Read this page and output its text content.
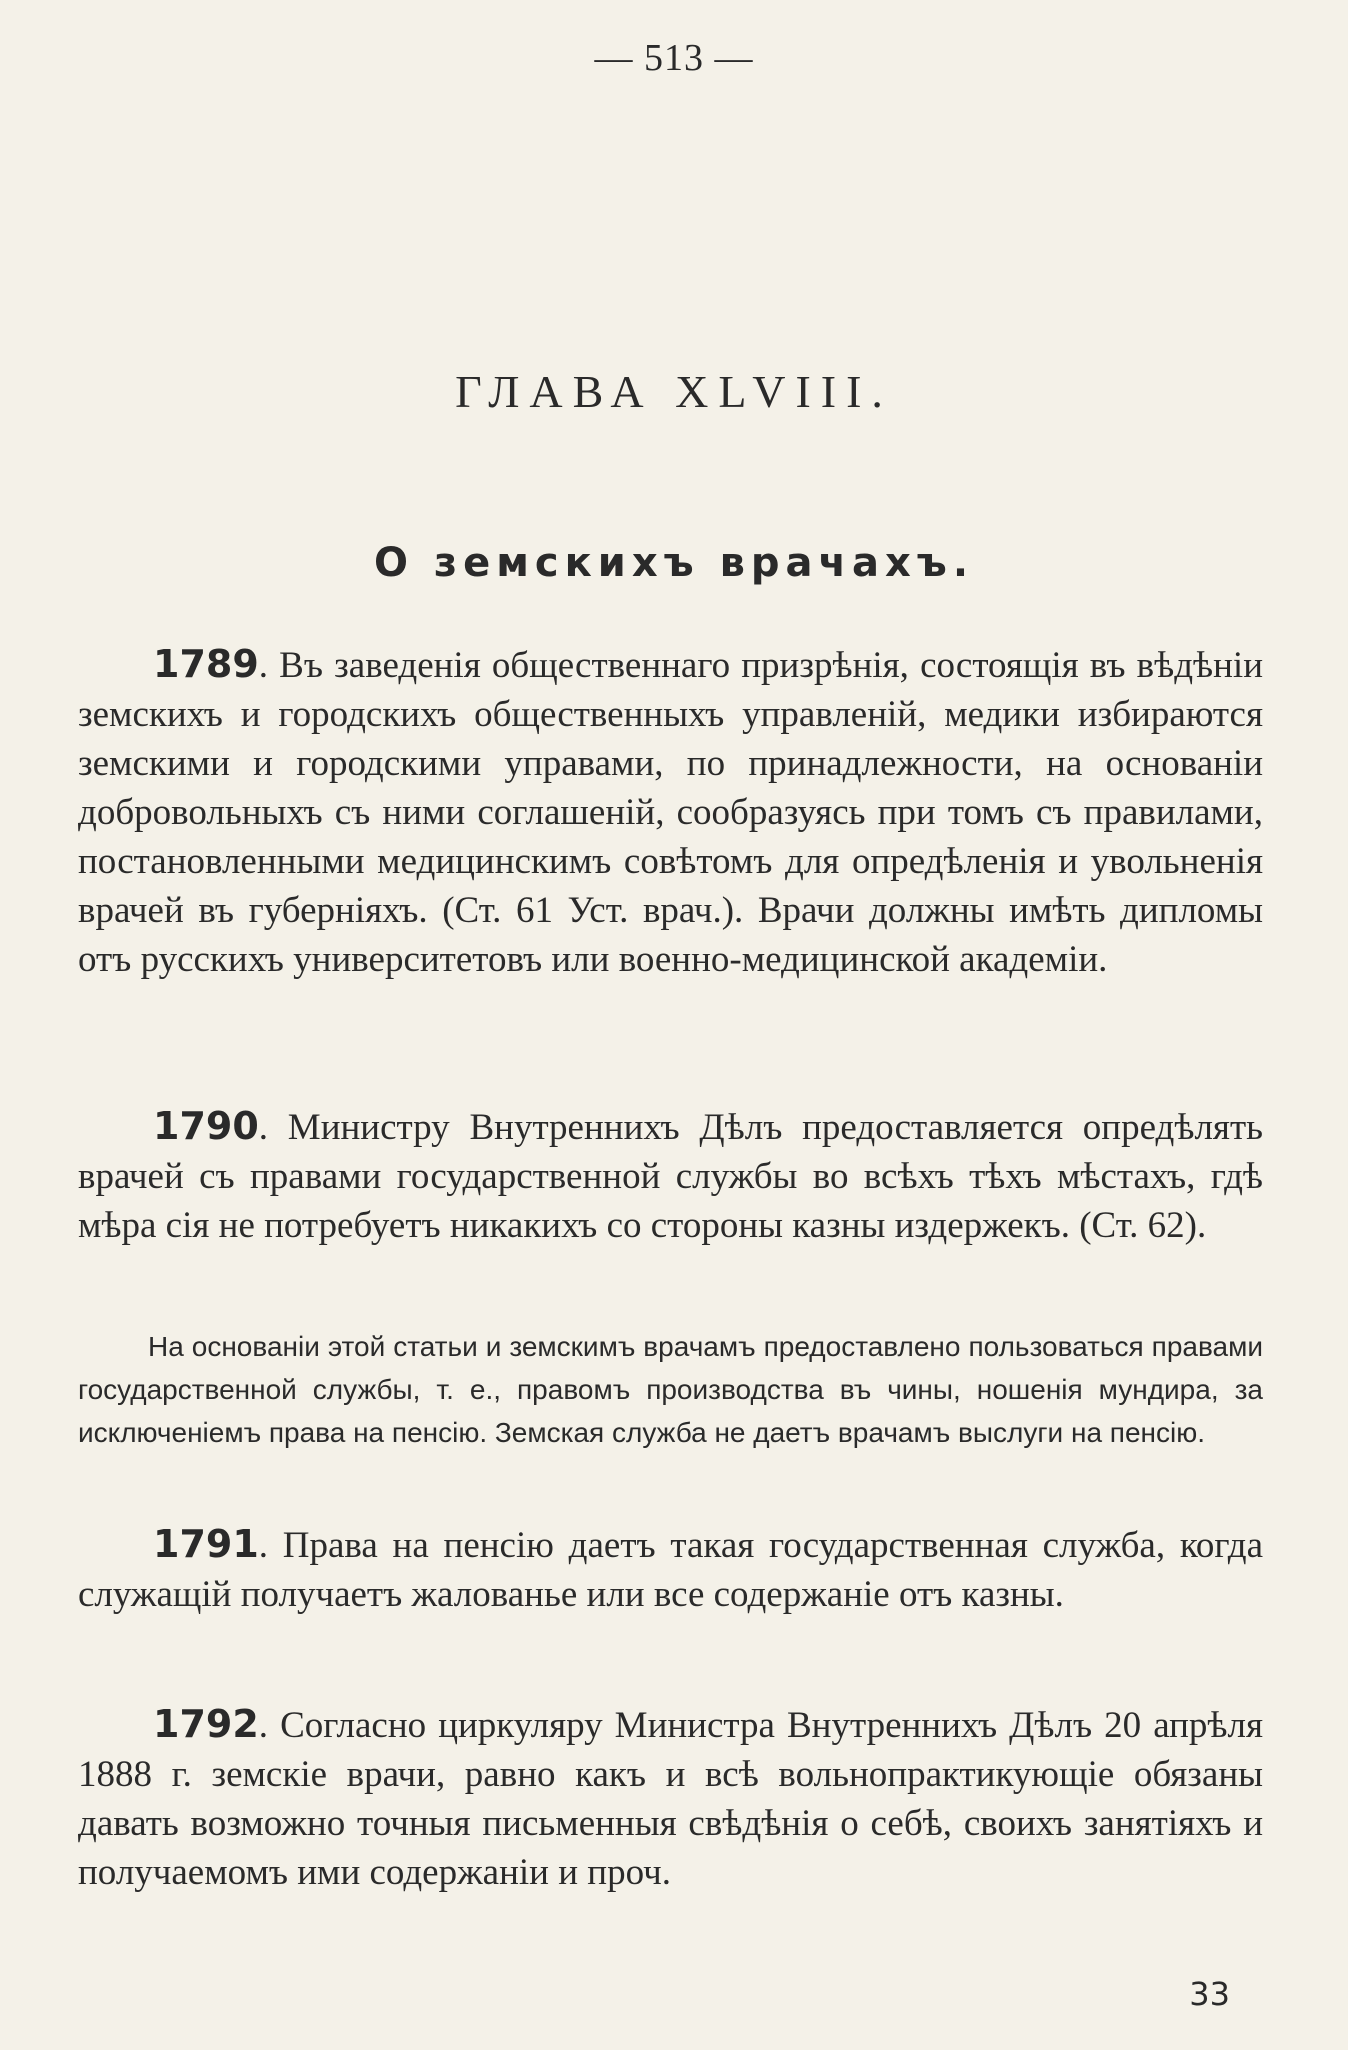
— 513 —
ГЛАВА XLVIII.
О земскихъ врачахъ.
1789. Въ заведенія общественнаго призрѣнія, состоящія въ вѣдѣніи земскихъ и городскихъ общественныхъ управленій, медики избираются земскими и городскими управами, по принадлежности, на основаніи добровольныхъ съ ними соглашеній, сообразуясь при томъ съ правилами, постановленными медицинскимъ совѣтомъ для опредѣленія и увольненія врачей въ губерніяхъ. (Ст. 61 Уст. врач.). Врачи должны имѣть дипломы отъ русскихъ университетовъ или военно-медицинской академіи.
1790. Министру Внутреннихъ Дѣлъ предоставляется опредѣлять врачей съ правами государственной службы во всѣхъ тѣхъ мѣстахъ, гдѣ мѣра сія не потребуетъ никакихъ со стороны казны издержекъ. (Ст. 62).
На основаніи этой статьи и земскимъ врачамъ предоставлено пользоваться правами государственной службы, т. е., правомъ производства въ чины, ношенія мундира, за исключеніемъ права на пенсію. Земская служба не даетъ врачамъ выслуги на пенсію.
1791. Права на пенсію даетъ такая государственная служба, когда служащій получаетъ жалованье или все содержаніе отъ казны.
1792. Согласно циркуляру Министра Внутреннихъ Дѣлъ 20 апрѣля 1888 г. земскіе врачи, равно какъ и всѣ вольнопрактикующіе обязаны давать возможно точныя письменныя свѣдѣнія о себѣ, своихъ занятіяхъ и получаемомъ ими содержаніи и проч.
33
